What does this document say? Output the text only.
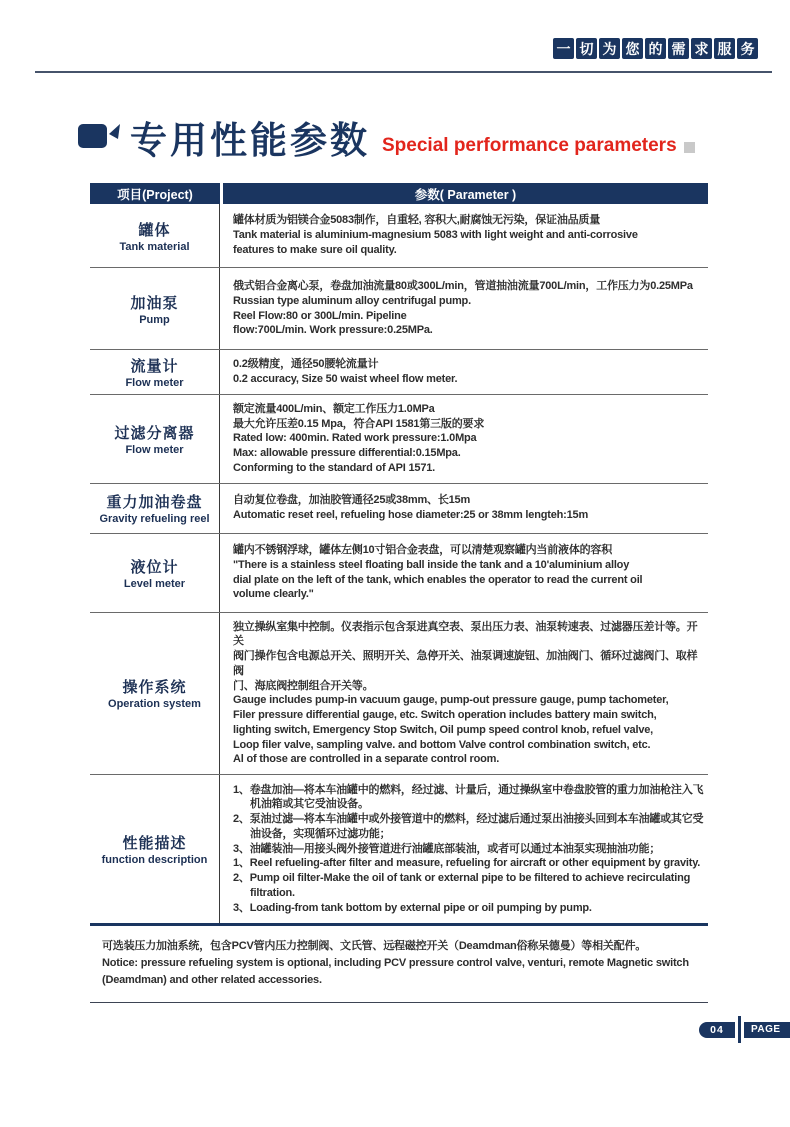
一 切 为 您 的 需 求 服 务
专用性能参数 Special performance parameters
项目(Project)	参数( Parameter )
罐体
Tank material
罐体材质为铝镁合金5083制作，自重轻, 容积大,耐腐蚀无污染，保证油品质量
Tank material is aluminium-magnesium 5083 with light weight and anti-corrosive
features to make sure oil quality.
加油泵
Pump
俄式铝合金离心泵，卷盘加油流量80或300L/min，管道抽油流量700L/min，工作压力为0.25MPa
Russian type aluminum alloy centrifugal pump.
Reel Flow:80 or 300L/min. Pipeline
flow:700L/min. Work pressure:0.25MPa.
流量计
Flow meter
0.2级精度，通径50腰轮流量计
0.2 accuracy, Size 50 waist wheel flow meter.
过滤分离器
Flow meter
额定流量400L/min、额定工作压力1.0MPa
最大允许压差0.15 Mpa，符合API 1581第三版的要求
Rated low: 400min. Rated work pressure:1.0Mpa
Max: allowable pressure differential:0.15Mpa.
Conforming to the standard of API 1571.
重力加油卷盘
Gravity refueling reel
自动复位卷盘，加油胶管通径25或38mm、长15m
Automatic reset reel, refueling hose diameter:25 or 38mm lengteh:15m
液位计
Level meter
罐内不锈钢浮球，罐体左侧10寸铝合金表盘，可以清楚观察罐内当前液体的容积
"There is a stainless steel floating ball inside the tank and a 10'aluminium alloy
dial plate on the left of the tank, which enables the operator to read the current oil
volume clearly."
操作系统
Operation system
独立操纵室集中控制。仪表指示包含泵进真空表、泵出压力表、油泵转速表、过滤器压差计等。开关
阀门操作包含电源总开关、照明开关、急停开关、油泵调速旋钮、加油阀门、循环过滤阀门、取样阀
门、海底阀控制组合开关等。
Gauge includes pump-in vacuum gauge, pump-out pressure gauge, pump tachometer,
Filer pressure differential gauge, etc. Switch operation includes battery main switch,
lighting switch, Emergency Stop Switch, Oil pump speed control knob, refuel valve,
Loop filer valve, sampling valve. and bottom Valve control combination switch, etc.
Al of those are controlled in a separate control room.
性能描述
function description
1、卷盘加油—将本车油罐中的燃料，经过滤、计量后，通过操纵室中卷盘胶管的重力加油枪注入飞机油箱或其它受油设备。
2、泵油过滤—将本车油罐中或外接管道中的燃料，经过滤后通过泵出油接头回到本车油罐或其它受油设备，实现循环过滤功能；
3、油罐装油—用接头阀外接管道进行油罐底部装油，或者可以通过本油泵实现抽油功能；
1、Reel refueling-after filter and measure, refueling for aircraft or other equipment by gravity.
2、Pump oil filter-Make the oil of tank or external pipe to be filtered to achieve recirculating filtration.
3、Loading-from tank bottom by external pipe or oil pumping by pump.
可选装压力加油系统，包含PCV管内压力控制阀、文氏管、远程磁控开关（Deamdman俗称呆德曼）等相关配件。
Notice: pressure refueling system is optional, including PCV pressure control valve, venturi, remote Magnetic switch (Deamdman) and other related accessories.
04	PAGE
